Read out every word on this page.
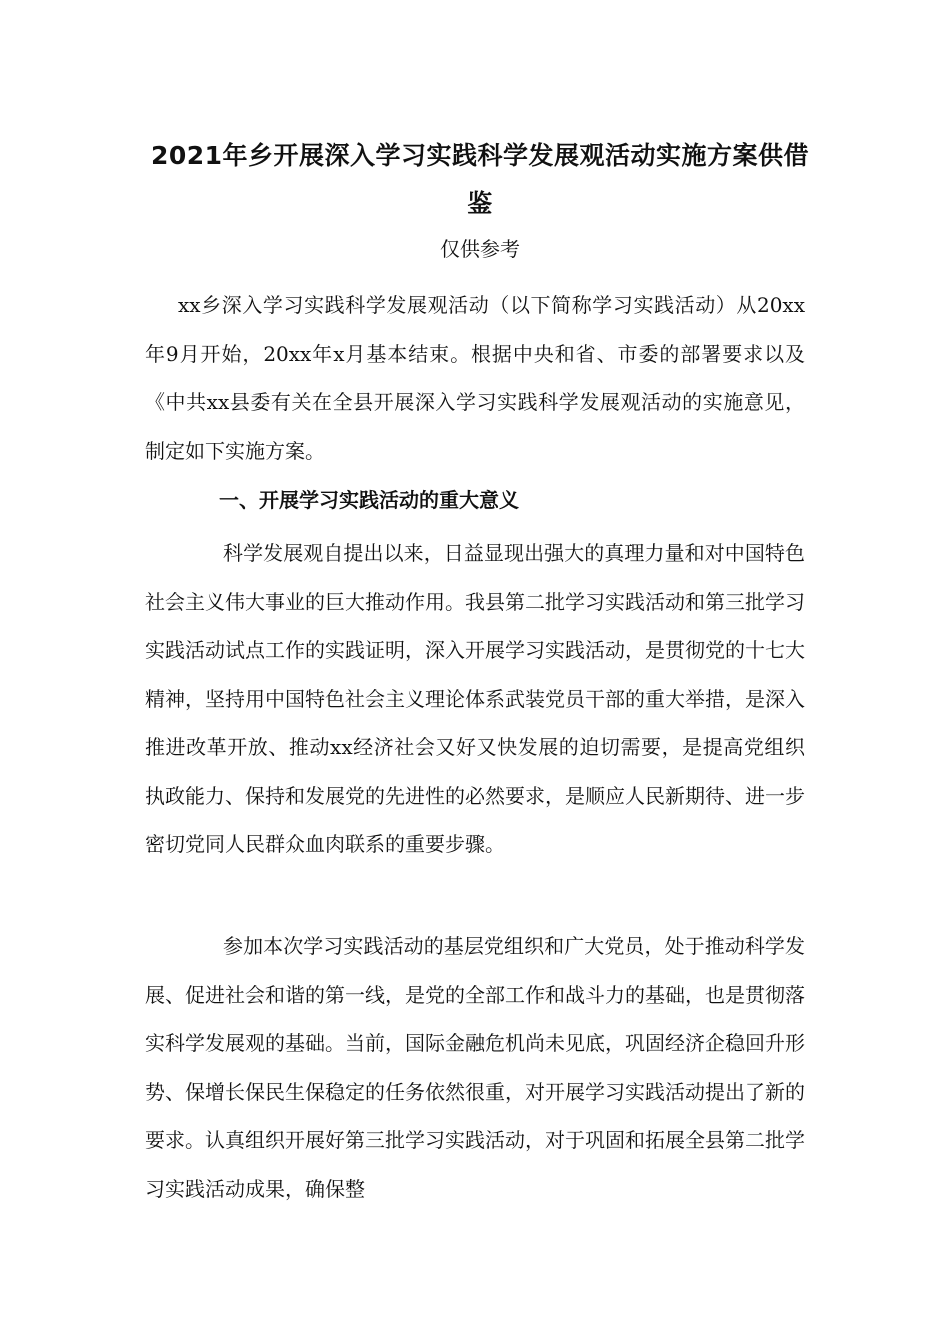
2021年乡开展深入学习实践科学发展观活动实施方案供借鉴

仅供参考

xx乡深入学习实践科学发展观活动（以下简称学习实践活动）从20xx年9月开始，20xx年x月基本结束。根据中央和省、市委的部署要求以及《中共xx县委有关在全县开展深入学习实践科学发展观活动的实施意见，制定如下实施方案。

一、开展学习实践活动的重大意义

科学发展观自提出以来，日益显现出强大的真理力量和对中国特色社会主义伟大事业的巨大推动作用。我县第二批学习实践活动和第三批学习实践活动试点工作的实践证明，深入开展学习实践活动，是贯彻党的十七大精神，坚持用中国特色社会主义理论体系武装党员干部的重大举措，是深入推进改革开放、推动xx经济社会又好又快发展的迫切需要，是提高党组织执政能力、保持和发展党的先进性的必然要求，是顺应人民新期待、进一步密切党同人民群众血肉联系的重要步骤。

参加本次学习实践活动的基层党组织和广大党员，处于推动科学发展、促进社会和谐的第一线，是党的全部工作和战斗力的基础，也是贯彻落实科学发展观的基础。当前，国际金融危机尚未见底，巩固经济企稳回升形势、保增长保民生保稳定的任务依然很重，对开展学习实践活动提出了新的要求。认真组织开展好第三批学习实践活动，对于巩固和拓展全县第二批学习实践活动成果，确保整
